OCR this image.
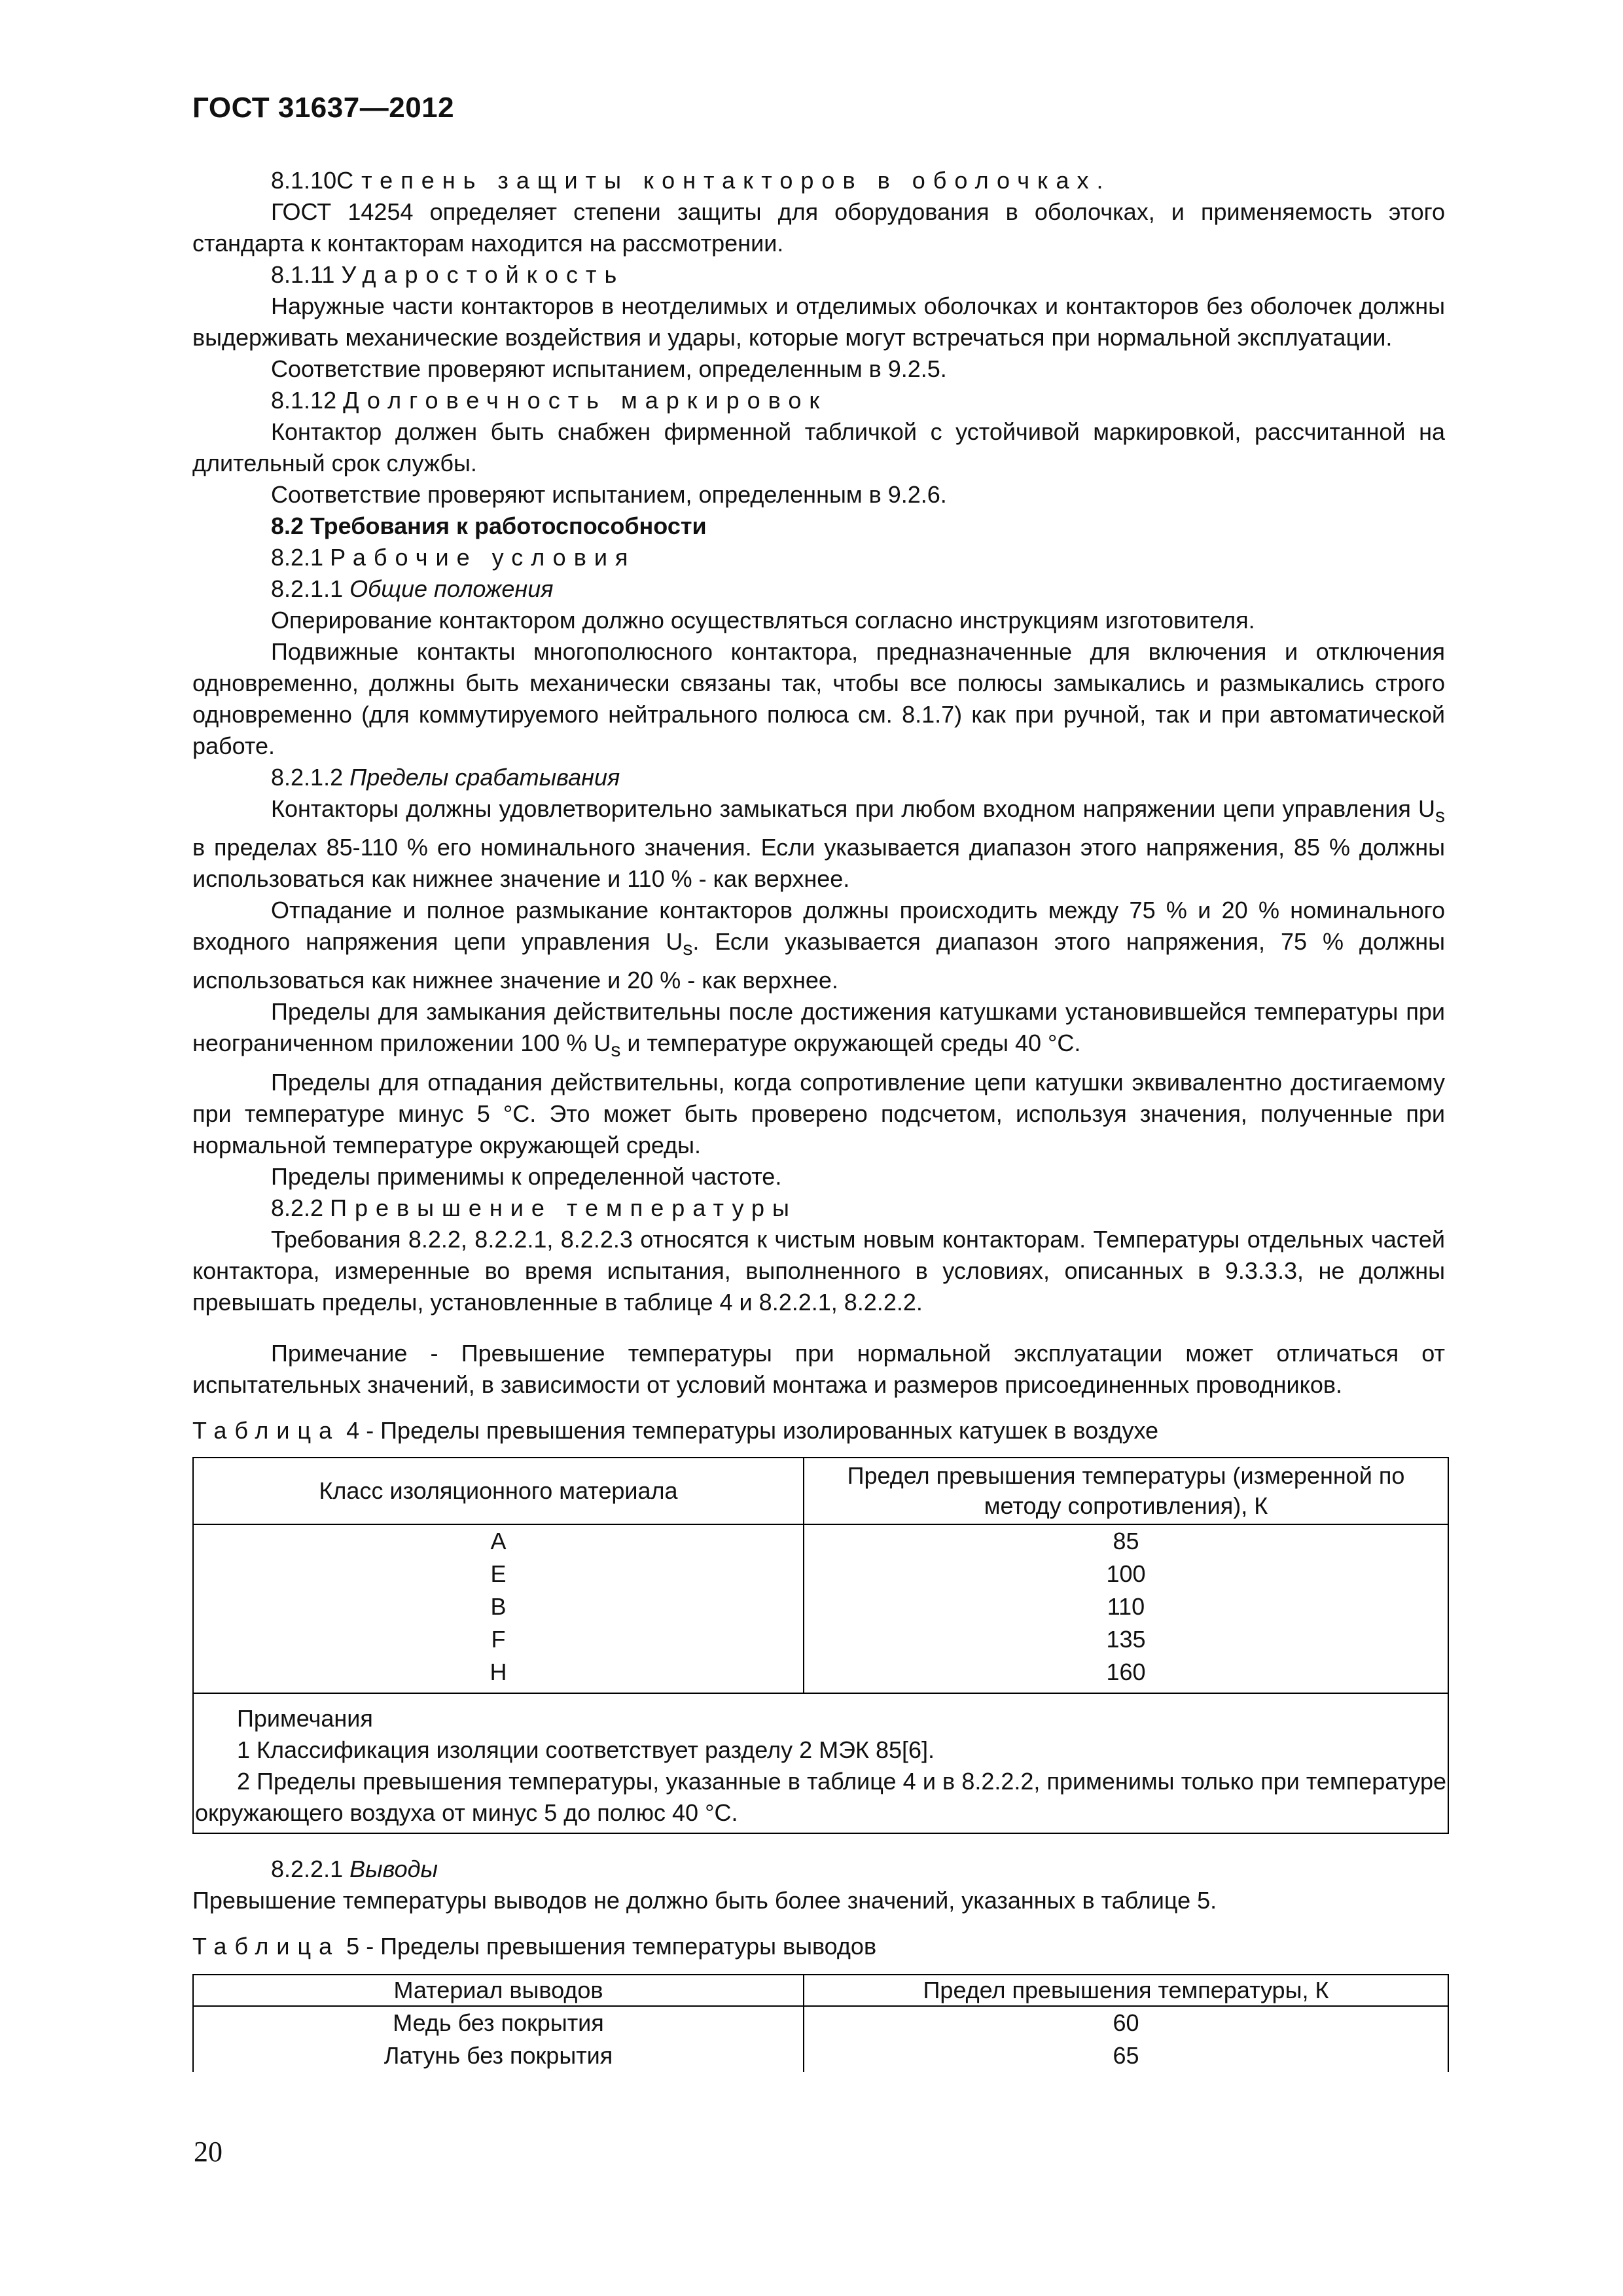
ГОСТ 31637—2012

8.1.10Степень защиты контакторов в оболочках.

ГОСТ 14254 определяет степени защиты для оборудования в оболочках, и применяемость этого стандарта к контакторам находится на рассмотрении.

8.1.11 Ударостойкость

Наружные части контакторов в неотделимых и отделимых оболочках и контакторов без оболочек должны выдерживать механические воздействия и удары, которые могут встречаться при нормальной эксплуатации.

Соответствие проверяют испытанием, определенным в 9.2.5.

8.1.12 Долговечность маркировок

Контактор должен быть снабжен фирменной табличкой с устойчивой маркировкой, рассчитанной на длительный срок службы.

Соответствие проверяют испытанием, определенным в 9.2.6.

8.2 Требования к работоспособности

8.2.1 Рабочие условия

8.2.1.1 Общие положения

Оперирование контактором должно осуществляться согласно инструкциям изготовителя.

Подвижные контакты многополюсного контактора, предназначенные для включения и отключения одновременно, должны быть механически связаны так, чтобы все полюсы замыкались и размыкались строго одновременно (для коммутируемого нейтрального полюса см. 8.1.7) как при ручной, так и при автоматической работе.

8.2.1.2 Пределы срабатывания

Контакторы должны удовлетворительно замыкаться при любом входном напряжении цепи управления $U_s$ в пределах 85-110 % его номинального значения. Если указывается диапазон этого напряжения, 85 % должны использоваться как нижнее значение и 110 % - как верхнее.

Отпадание и полное размыкание контакторов должны происходить между 75 % и 20 % номинального входного напряжения цепи управления $U_s$. Если указывается диапазон этого напряжения, 75 % должны использоваться как нижнее значение и 20 % - как верхнее.

Пределы для замыкания действительны после достижения катушками установившейся температуры при неограниченном приложении 100 % $U_s$ и температуре окружающей среды 40 °С.

Пределы для отпадания действительны, когда сопротивление цепи катушки эквивалентно достигаемому при температуре минус 5 °С. Это может быть проверено подсчетом, используя значения, полученные при нормальной температуре окружающей среды.

Пределы применимы к определенной частоте.

8.2.2 Превышение температуры

Требования 8.2.2, 8.2.2.1, 8.2.2.3 относятся к чистым новым контакторам. Температуры отдельных частей контактора, измеренные во время испытания, выполненного в условиях, описанных в 9.3.3.3, не должны превышать пределы, установленные в таблице 4 и 8.2.2.1, 8.2.2.2.

Примечание - Превышение температуры при нормальной эксплуатации может отличаться от испытательных значений, в зависимости от условий монтажа и размеров присоединенных проводников.

Таблица 4 - Пределы превышения температуры изолированных катушек в воздухе

Класс изоляционного материала	Предел превышения температуры (измеренной по методу сопротивления), К
А	85
Е	100
В	110
F	135
Н	160

Примечания

1 Классификация изоляции соответствует разделу 2 МЭК 85[6].

2 Пределы превышения температуры, указанные в таблице 4 и в 8.2.2.2, применимы только при температуре окружающего воздуха от минус 5 до полюс 40 °С.	

8.2.2.1 Выводы

Превышение температуры выводов не должно быть более значений, указанных в таблице 5.

Таблица 5 - Пределы превышения температуры выводов

Материал выводов	Предел превышения температуры, К
Медь без покрытия	60
Латунь без покрытия	65
20
